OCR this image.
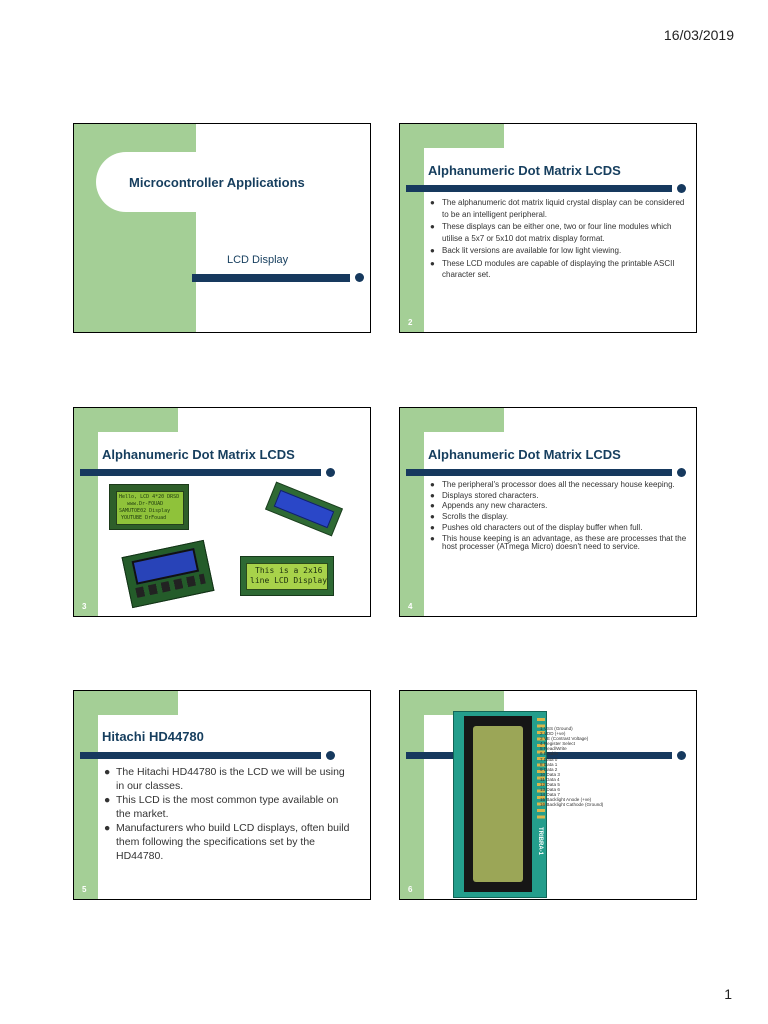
16/03/2019
Microcontroller Applications
LCD Display
Alphanumeric Dot Matrix LCDS
● The alphanumeric dot matrix liquid crystal display can be considered to be an intelligent peripheral.
● These displays can be either one, two or four line modules which utilise a 5x7 or 5x10 dot matrix display format.
● Back lit versions are available for low light viewing.
● These LCD modules are capable of displaying the printable ASCII character set.
2
Alphanumeric Dot Matrix LCDS
Hello, LCD 4*20 DRSD
www.Dr-FOUAD
SAMUTOE02 Display
YOUTUBE DrFouad
This is a 2x16
line LCD Display
3
Alphanumeric Dot Matrix LCDS
● The peripheral's processor does all the necessary house keeping.
● Displays stored characters.
● Appends any new characters.
● Scrolls the display.
● Pushes old characters out of the display buffer when full.
● This house keeping is an advantage, as these are processes that the host processer (ATmega Micro) doesn't need to service.
4
Hitachi HD44780
● The Hitachi HD44780 is the LCD we will be using in our classes.
● This LCD is the most common type available on the market.
● Manufacturers who build LCD displays, often build them following the specifications set by the HD44780.
5
TRIBRA-1
1 VSS (Ground)
2 VDD (+ve)
3 VE (Contrast Voltage)
4 Register Select
5 Read/Write
6 Enable
7 Data 0
8 Data 1
9 Data 2
10 Data 3
11 Data 4
12 Data 5
13 Data 6
14 Data 7
15 Backlight Anode (+ve)
16 Backlight Cathode (Ground)
6
1
